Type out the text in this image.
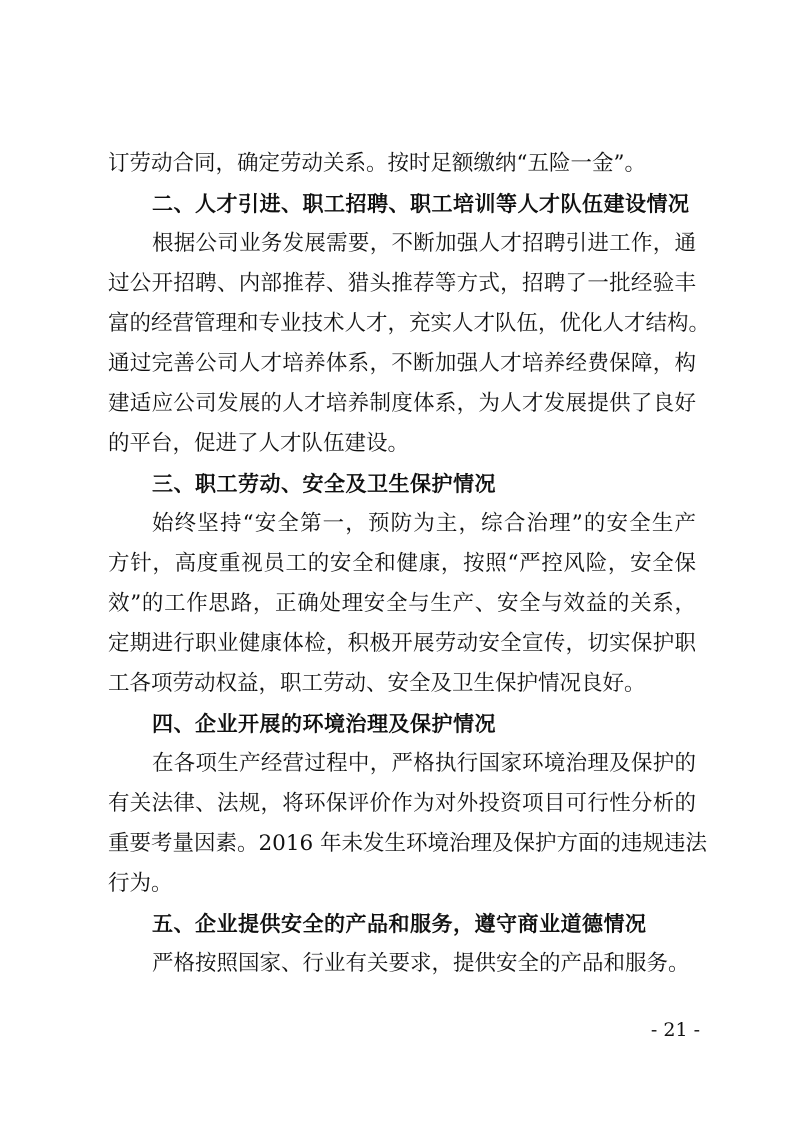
订劳动合同，确定劳动关系。按时足额缴纳“五险一金”。
二、人才引进、职工招聘、职工培训等人才队伍建设情况
根据公司业务发展需要，不断加强人才招聘引进工作，通
过公开招聘、内部推荐、猎头推荐等方式，招聘了一批经验丰
富的经营管理和专业技术人才，充实人才队伍，优化人才结构。
通过完善公司人才培养体系，不断加强人才培养经费保障，构
建适应公司发展的人才培养制度体系，为人才发展提供了良好
的平台，促进了人才队伍建设。
三、职工劳动、安全及卫生保护情况
始终坚持“安全第一，预防为主，综合治理”的安全生产
方针，高度重视员工的安全和健康，按照“严控风险，安全保
效”的工作思路，正确处理安全与生产、安全与效益的关系，
定期进行职业健康体检，积极开展劳动安全宣传，切实保护职
工各项劳动权益，职工劳动、安全及卫生保护情况良好。
四、企业开展的环境治理及保护情况
在各项生产经营过程中，严格执行国家环境治理及保护的
有关法律、法规，将环保评价作为对外投资项目可行性分析的
重要考量因素。2016 年未发生环境治理及保护方面的违规违法
行为。
五、企业提供安全的产品和服务，遵守商业道德情况
严格按照国家、行业有关要求，提供安全的产品和服务。
- 21 -
